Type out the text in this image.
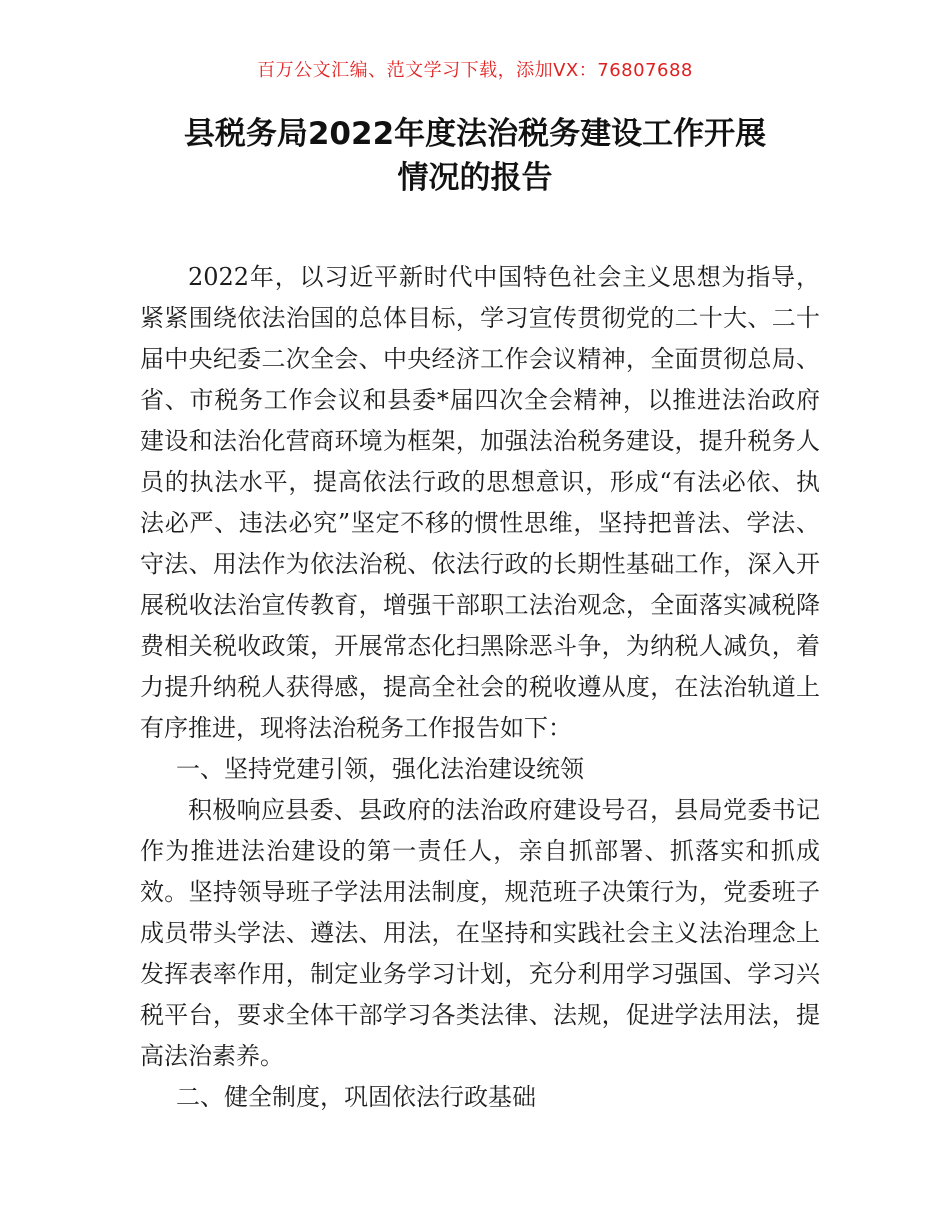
百万公文汇编、范文学习下载，添加VX：76807688
县税务局2022年度法治税务建设工作开展
情况的报告

2022年，以习近平新时代中国特色社会主义思想为指导，紧紧围绕依法治国的总体目标，学习宣传贯彻党的二十大、二十届中央纪委二次全会、中央经济工作会议精神，全面贯彻总局、省、市税务工作会议和县委*届四次全会精神，以推进法治政府建设和法治化营商环境为框架，加强法治税务建设，提升税务人员的执法水平，提高依法行政的思想意识，形成“有法必依、执法必严、违法必究”坚定不移的惯性思维，坚持把普法、学法、守法、用法作为依法治税、依法行政的长期性基础工作，深入开展税收法治宣传教育，增强干部职工法治观念，全面落实减税降费相关税收政策，开展常态化扫黑除恶斗争，为纳税人减负，着力提升纳税人获得感，提高全社会的税收遵从度，在法治轨道上有序推进，现将法治税务工作报告如下：

一、坚持党建引领，强化法治建设统领

积极响应县委、县政府的法治政府建设号召，县局党委书记作为推进法治建设的第一责任人，亲自抓部署、抓落实和抓成效。坚持领导班子学法用法制度，规范班子决策行为，党委班子成员带头学法、遵法、用法，在坚持和实践社会主义法治理念上发挥表率作用，制定业务学习计划，充分利用学习强国、学习兴税平台，要求全体干部学习各类法律、法规，促进学法用法，提高法治素养。

二、健全制度，巩固依法行政基础
